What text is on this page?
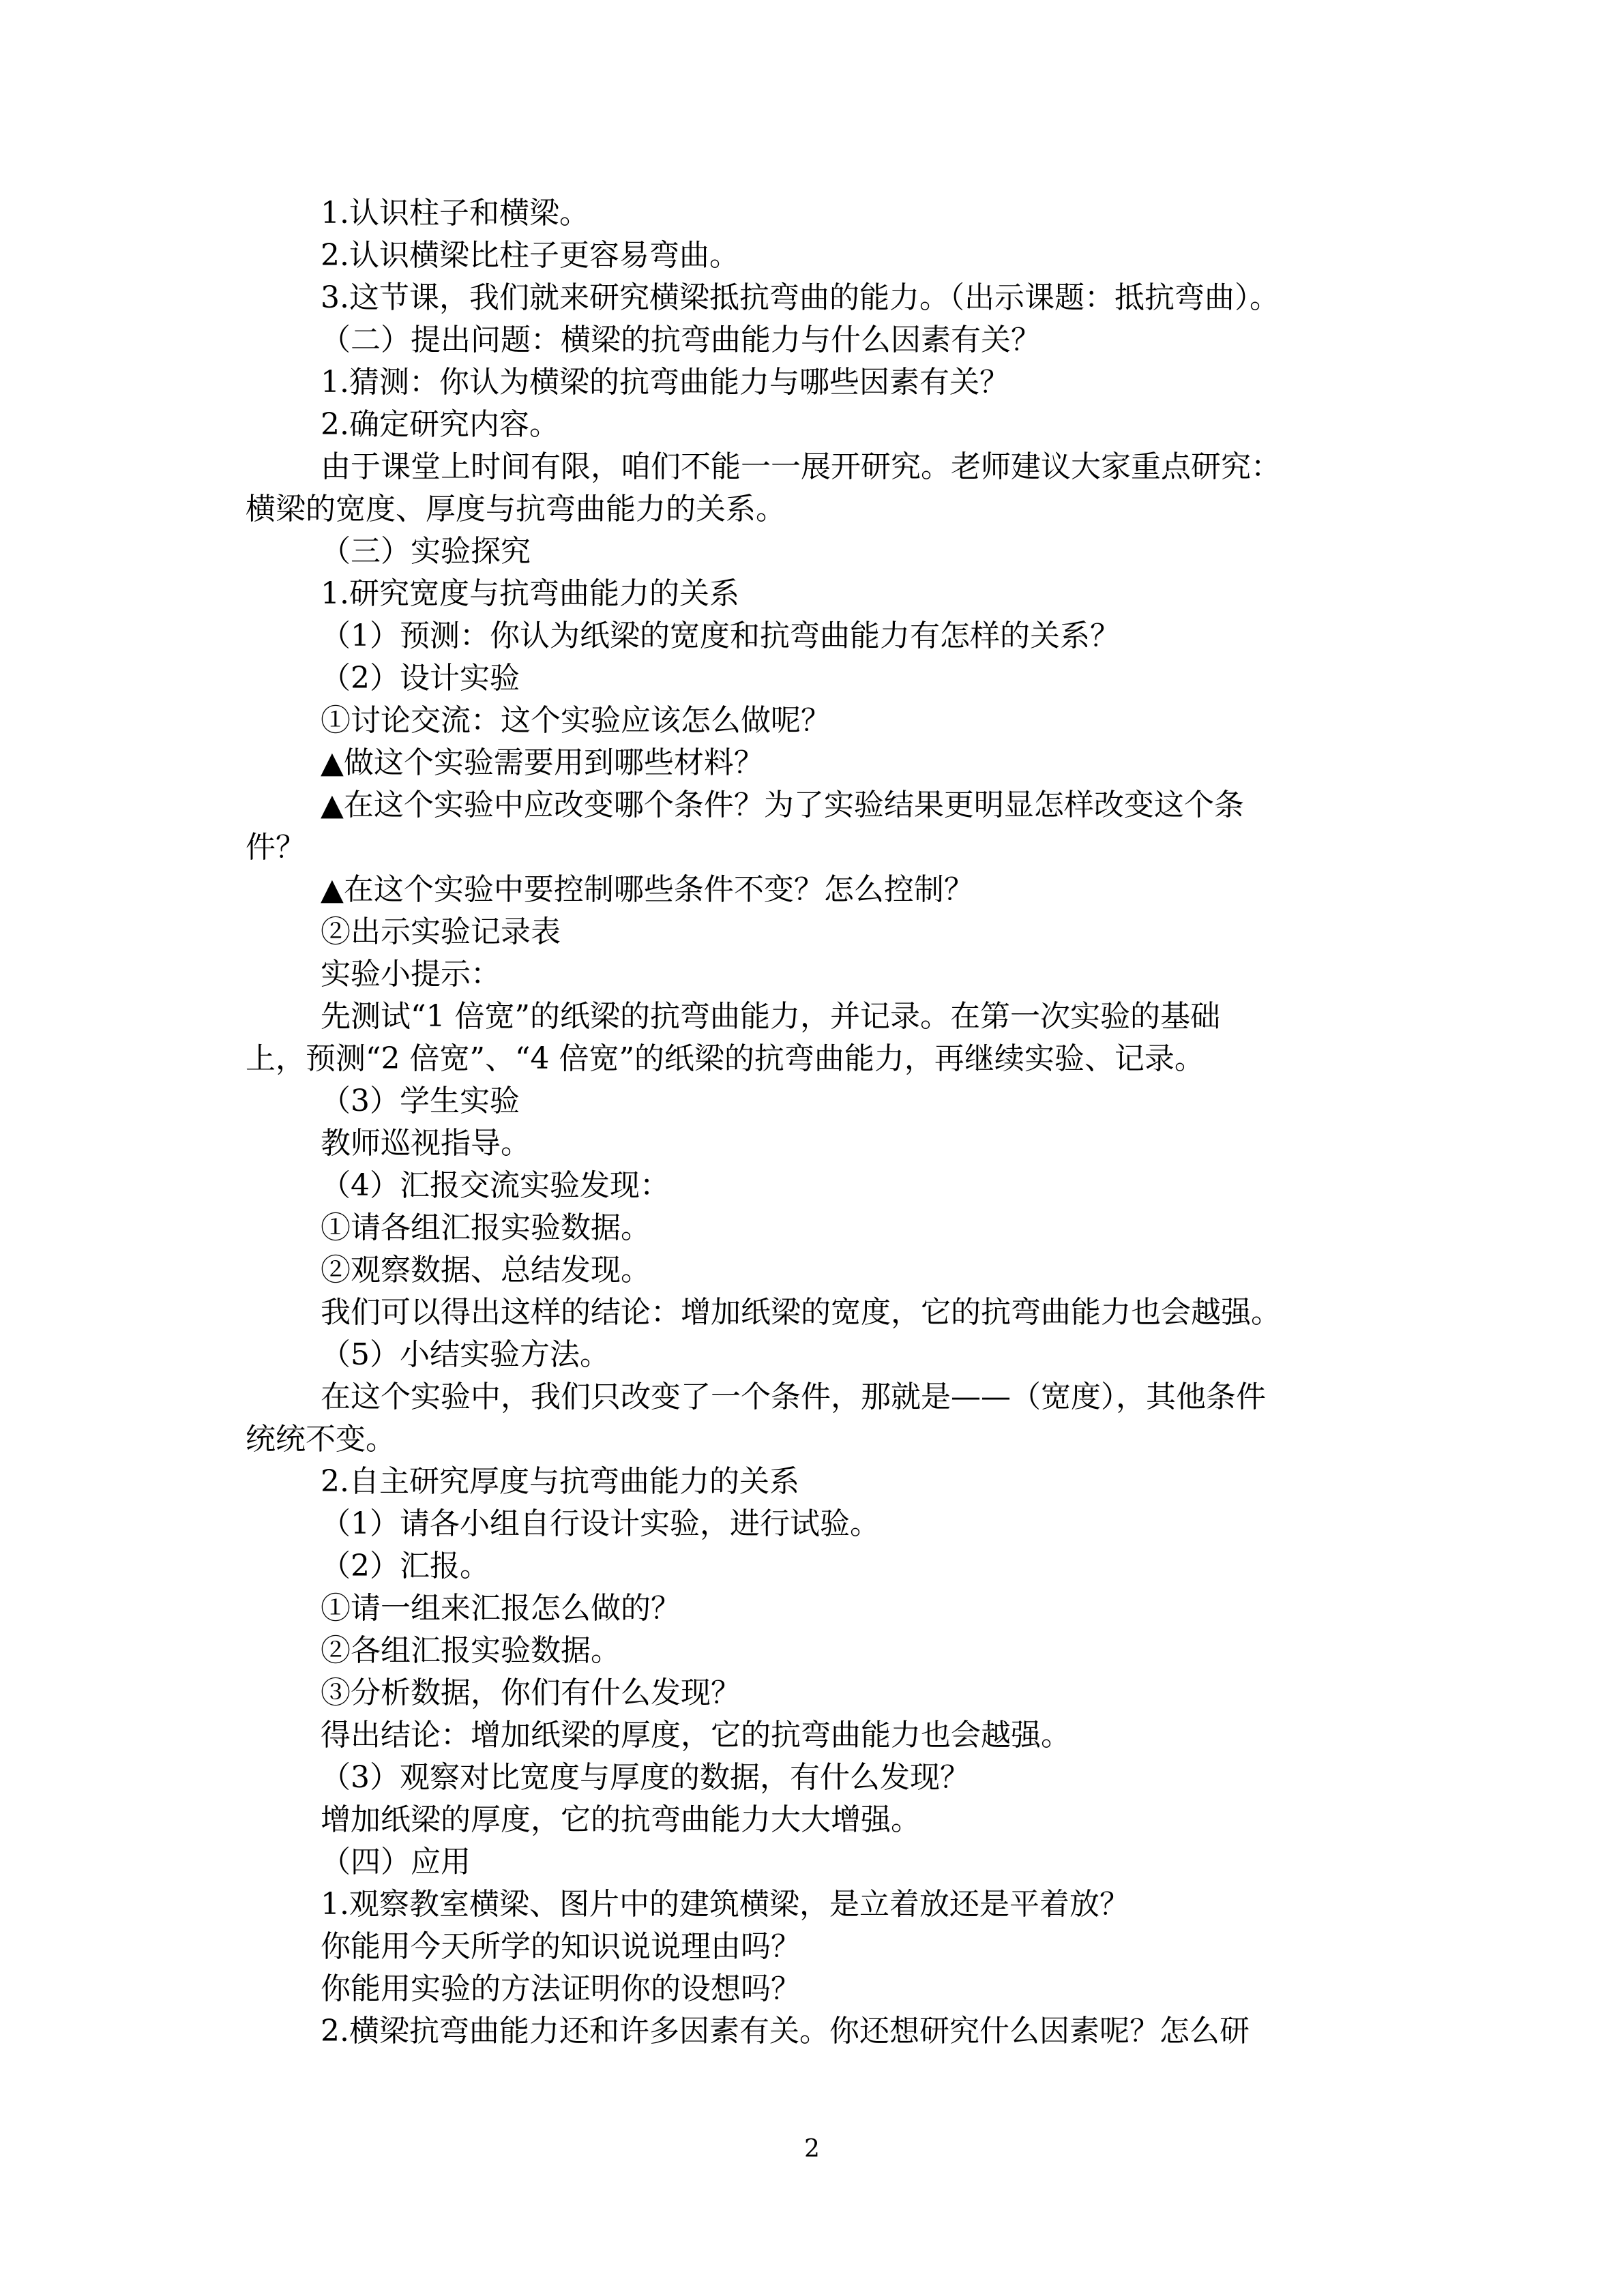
1.认识柱子和横梁。
2.认识横梁比柱子更容易弯曲。
3.这节课，我们就来研究横梁抵抗弯曲的能力。（出示课题：抵抗弯曲）。
（二）提出问题：横梁的抗弯曲能力与什么因素有关？
1.猜测：你认为横梁的抗弯曲能力与哪些因素有关？
2.确定研究内容。
由于课堂上时间有限，咱们不能一一展开研究。老师建议大家重点研究：
横梁的宽度、厚度与抗弯曲能力的关系。
（三）实验探究
1.研究宽度与抗弯曲能力的关系
（1）预测：你认为纸梁的宽度和抗弯曲能力有怎样的关系？
（2）设计实验
①讨论交流：这个实验应该怎么做呢？
▲做这个实验需要用到哪些材料？
▲在这个实验中应改变哪个条件？为了实验结果更明显怎样改变这个条
件？
▲在这个实验中要控制哪些条件不变？怎么控制？
②出示实验记录表
实验小提示：
先测试“1 倍宽”的纸梁的抗弯曲能力，并记录。在第一次实验的基础
上，预测“2 倍宽”、“4 倍宽”的纸梁的抗弯曲能力，再继续实验、记录。
（3）学生实验
教师巡视指导。
（4）汇报交流实验发现：
①请各组汇报实验数据。
②观察数据、总结发现。
我们可以得出这样的结论：增加纸梁的宽度，它的抗弯曲能力也会越强。
（5）小结实验方法。
在这个实验中，我们只改变了一个条件，那就是——（宽度），其他条件
统统不变。
2.自主研究厚度与抗弯曲能力的关系
（1）请各小组自行设计实验，进行试验。
（2）汇报。
①请一组来汇报怎么做的？
②各组汇报实验数据。
③分析数据，你们有什么发现？
得出结论：增加纸梁的厚度，它的抗弯曲能力也会越强。
（3）观察对比宽度与厚度的数据，有什么发现？
增加纸梁的厚度，它的抗弯曲能力大大增强。
（四）应用
1.观察教室横梁、图片中的建筑横梁，是立着放还是平着放？
你能用今天所学的知识说说理由吗？
你能用实验的方法证明你的设想吗？
2.横梁抗弯曲能力还和许多因素有关。你还想研究什么因素呢？怎么研
2
